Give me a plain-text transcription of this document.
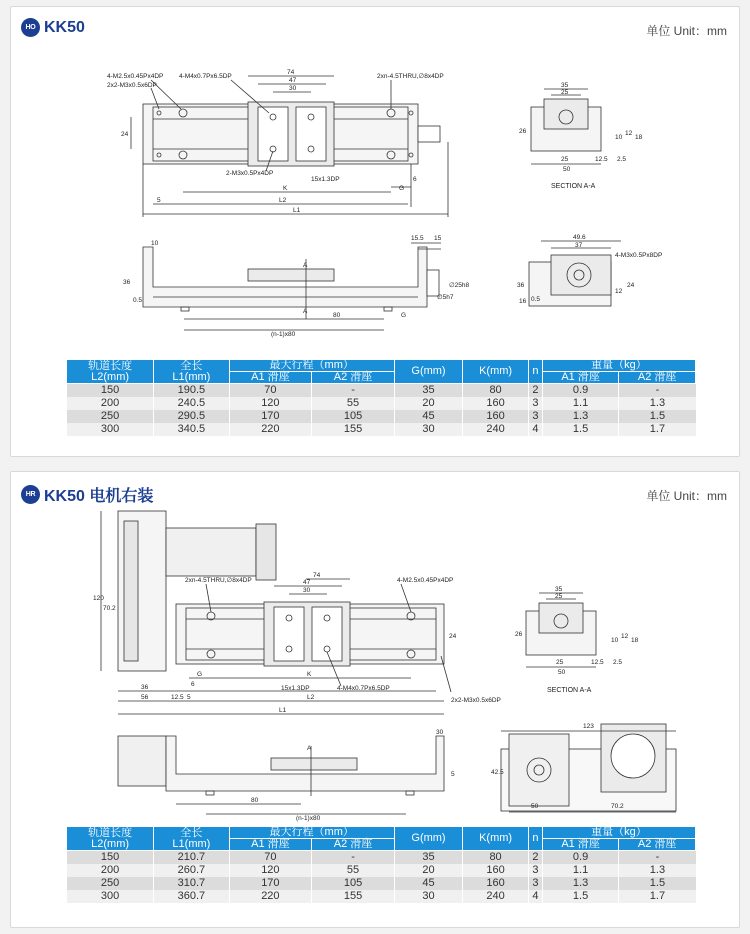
HO KK50	单位 Unit：mm
4-M2.5x0.45Px4DP
2x2-M3x0.5x6DP
4-M4x0.7Px6.5DP	2xn-4.5THRU,∅8x4DP
2-M3x0.5Px4DP
15x1.3DP
74
47
30
24
K	G
6
5	L2
L1
SECTION A-A
35
25
26
18
12
10
25
50
2.5
12.5
15.5 15
10
36
A
A
0.5
80	G
(n-1)x80
∅25h8
∅5h7
49.6
37
4-M3x0.5Px8DP
36
16
12
24
0.5
轨道长度
L2(mm)	全长
L1(mm)	最大行程（mm）		G(mm)	K(mm)	n	重量（kg）	
		A1 滑座	A2 滑座				A1 滑座	A2 滑座
150	190.5	70	-	35	80	2	0.9	-
200	240.5	120	55	20	160	3	1.1	1.3
250	290.5	170	105	45	160	3	1.3	1.5
300	340.5	220	155	30	240	4	1.5	1.7
HR KK50 电机右装	单位 Unit：mm
2xn-4.5THRU,∅8x4DP	4-M2.5x0.45Px4DP
4-M4x0.7Px6.5DP
2x2-M3x0.5x6DP
15x1.3DP
120
70.2
74
47
30
24
G	K
6
36
56	12.5 5	L2
L1
SECTION A-A
35
25
26
18
12
10
25
50
2.5
12.5
A
30
5
80
(n-1)x80
123
42.5
50	70.2
轨道长度
L2(mm)	全长
L1(mm)	最大行程（mm）		G(mm)	K(mm)	n	重量（kg）	
		A1 滑座	A2 滑座				A1 滑座	A2 滑座
150	210.7	70	-	35	80	2	0.9	-
200	260.7	120	55	20	160	3	1.1	1.3
250	310.7	170	105	45	160	3	1.3	1.5
300	360.7	220	155	30	240	4	1.5	1.7
